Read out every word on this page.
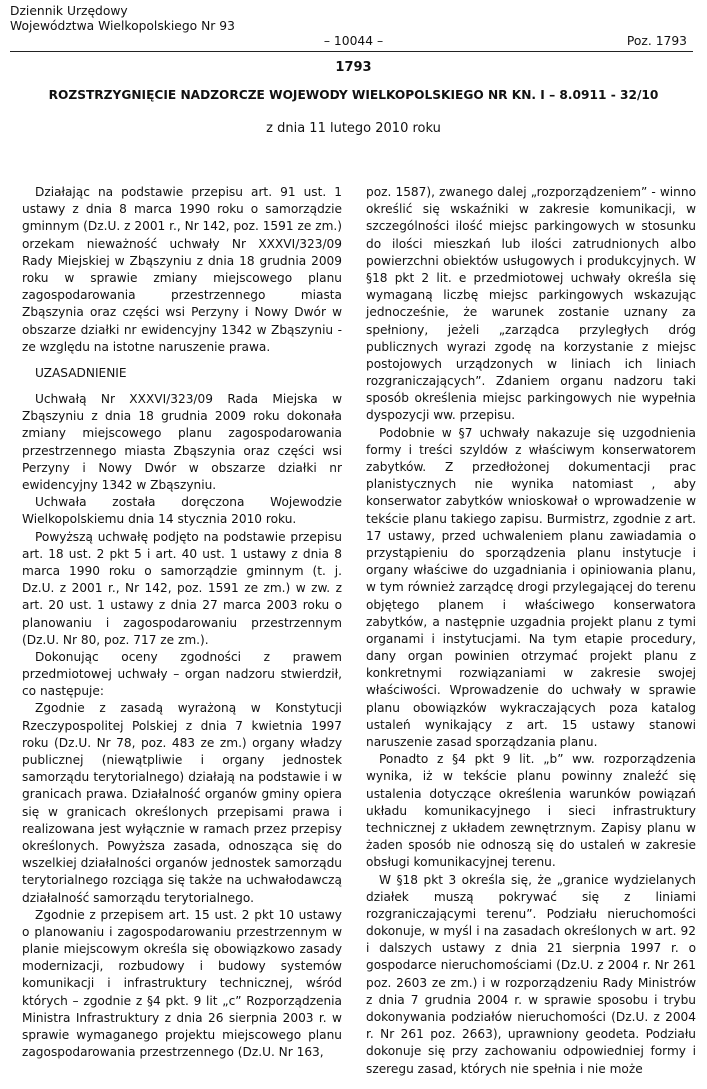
Dziennik Urzędowy
Województwa Wielkopolskiego Nr 93
– 10044 –	Poz. 1793
1793
ROZSTRZYGNIĘCIE NADZORCZE WOJEWODY WIELKOPOLSKIEGO NR KN. I – 8.0911 - 32/10
z dnia 11 lutego 2010 roku

Działając na podstawie przepisu art. 91 ust. 1 ustawy z dnia 8 marca 1990 roku o samorządzie gminnym (Dz.U. z 2001 r., Nr 142, poz. 1591 ze zm.) orzekam nieważność uchwały Nr XXXVI/323/09 Rady Miejskiej w Zbąszyniu z dnia 18 grudnia 2009 roku w sprawie zmiany miejscowego planu zagospodarowania przestrzennego miasta Zbąszynia oraz części wsi Perzyny i Nowy Dwór w obszarze działki nr ewidencyjny 1342 w Zbąszyniu - ze względu na istotne naruszenie prawa.

UZASADNIENIE

Uchwałą Nr XXXVI/323/09 Rada Miejska w Zbąszyniu z dnia 18 grudnia 2009 roku dokonała zmiany miejscowego planu zagospodarowania przestrzennego miasta Zbąszynia oraz części wsi Perzyny i Nowy Dwór w obszarze działki nr ewidencyjny 1342 w Zbąszyniu.

Uchwała została doręczona Wojewodzie Wielkopolskiemu dnia 14 stycznia 2010 roku.

Powyższą uchwałę podjęto na podstawie przepisu art. 18 ust. 2 pkt 5 i art. 40 ust. 1 ustawy z dnia 8 marca 1990 roku o samorządzie gminnym (t. j. Dz.U. z 2001 r., Nr 142, poz. 1591 ze zm.) w zw. z art. 20 ust. 1 ustawy z dnia 27 marca 2003 roku o planowaniu i zagospodarowaniu przestrzennym (Dz.U. Nr 80, poz. 717 ze zm.).

Dokonując oceny zgodności z prawem przedmiotowej uchwały – organ nadzoru stwierdził, co następuje:

Zgodnie z zasadą wyrażoną w Konstytucji Rzeczypospolitej Polskiej z dnia 7 kwietnia 1997 roku (Dz.U. Nr 78, poz. 483 ze zm.) organy władzy publicznej (niewątpliwie i organy jednostek samorządu terytorialnego) działają na podstawie i w granicach prawa. Działalność organów gminy opiera się w granicach określonych przepisami prawa i realizowana jest wyłącznie w ramach przez przepisy określonych. Powyższa zasada, odnosząca się do wszelkiej działalności organów jednostek samorządu terytorialnego rozciąga się także na uchwałodawczą działalność samorządu terytorialnego.

Zgodnie z przepisem art. 15 ust. 2 pkt 10 ustawy o planowaniu i zagospodarowaniu przestrzennym w planie miejscowym określa się obowiązkowo zasady modernizacji, rozbudowy i budowy systemów komunikacji i infrastruktury technicznej, wśród których – zgodnie z §4 pkt. 9 lit „c” Rozporządzenia Ministra Infrastruktury z dnia 26 sierpnia 2003 r. w sprawie wymaganego projektu miejscowego planu zagospodarowania przestrzennego (Dz.U. Nr 163,

poz. 1587), zwanego dalej „rozporządzeniem” - winno określić się wskaźniki w zakresie komunikacji, w szczególności ilość miejsc parkingowych w stosunku do ilości mieszkań lub ilości zatrudnionych albo powierzchni obiektów usługowych i produkcyjnych. W §18 pkt 2 lit. e przedmiotowej uchwały określa się wymaganą liczbę miejsc parkingowych wskazując jednocześnie, że warunek zostanie uznany za spełniony, jeżeli „zarządca przyległych dróg publicznych wyrazi zgodę na korzystanie z miejsc postojowych urządzonych w liniach ich liniach rozgraniczających”. Zdaniem organu nadzoru taki sposób określenia miejsc parkingowych nie wypełnia dyspozycji ww. przepisu.

Podobnie w §7 uchwały nakazuje się uzgodnienia formy i treści szyldów z właściwym konserwatorem zabytków. Z przedłożonej dokumentacji prac planistycznych nie wynika natomiast , aby konserwator zabytków wnioskował o wprowadzenie w tekście planu takiego zapisu. Burmistrz, zgodnie z art. 17 ustawy, przed uchwaleniem planu zawiadamia o przystąpieniu do sporządzenia planu instytucje i organy właściwe do uzgadniania i opiniowania planu, w tym również zarządcę drogi przylegającej do terenu objętego planem i właściwego konserwatora zabytków, a następnie uzgadnia projekt planu z tymi organami i instytucjami. Na tym etapie procedury, dany organ powinien otrzymać projekt planu z konkretnymi rozwiązaniami w zakresie swojej właściwości. Wprowadzenie do uchwały w sprawie planu obowiązków wykraczających poza katalog ustaleń wynikający z art. 15 ustawy stanowi naruszenie zasad sporządzania planu.

Ponadto z §4 pkt 9 lit. „b” ww. rozporządzenia wynika, iż w tekście planu powinny znaleźć się ustalenia dotyczące określenia warunków powiązań układu komunikacyjnego i sieci infrastruktury technicznej z układem zewnętrznym. Zapisy planu w żaden sposób nie odnoszą się do ustaleń w zakresie obsługi komunikacyjnej terenu.

W §18 pkt 3 określa się, że „granice wydzielanych działek muszą pokrywać się z liniami rozgraniczającymi terenu”. Podziału nieruchomości dokonuje, w myśl i na zasadach określonych w art. 92 i dalszych ustawy z dnia 21 sierpnia 1997 r. o gospodarce nieruchomościami (Dz.U. z 2004 r. Nr 261 poz. 2603 ze zm.) i w rozporządzeniu Rady Ministrów z dnia 7 grudnia 2004 r. w sprawie sposobu i trybu dokonywania podziałów nieruchomości (Dz.U. z 2004 r. Nr 261 poz. 2663), uprawniony geodeta. Podziału dokonuje się przy zachowaniu odpowiedniej formy i szeregu zasad, których nie spełnia i nie może
